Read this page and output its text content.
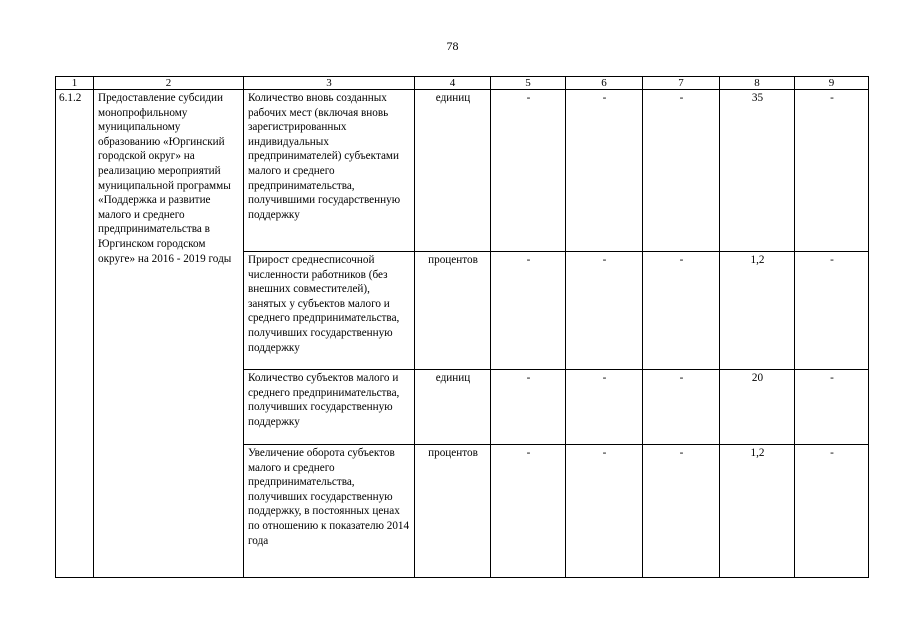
78
1	2	3	4	5	6	7	8	9
6.1.2	Предоставление субсидии монопрофильному муниципальному образованию «Юргинский городской округ» на реализацию мероприятий муниципальной программы «Поддержка и развитие малого и среднего предпринимательства в Юргинском городском округе» на 2016 - 2019 годы	Количество вновь созданных рабочих мест (включая вновь зарегистрированных индивидуальных предпринимателей) субъектами малого и среднего предпринимательства, получившими государственную поддержку	единиц	-	-	-	35	-
		Прирост среднесписочной численности работников (без внешних совместителей), занятых у субъектов малого и среднего предпринимательства, получивших государственную поддержку	процентов	-	-	-	1,2	-
		Количество субъектов малого и среднего предпринимательства, получивших государственную поддержку	единиц	-	-	-	20	-
		Увеличение оборота субъектов малого и среднего предпринимательства, получивших государственную поддержку, в постоянных ценах по отношению к показателю 2014 года	процентов	-	-	-	1,2	-
